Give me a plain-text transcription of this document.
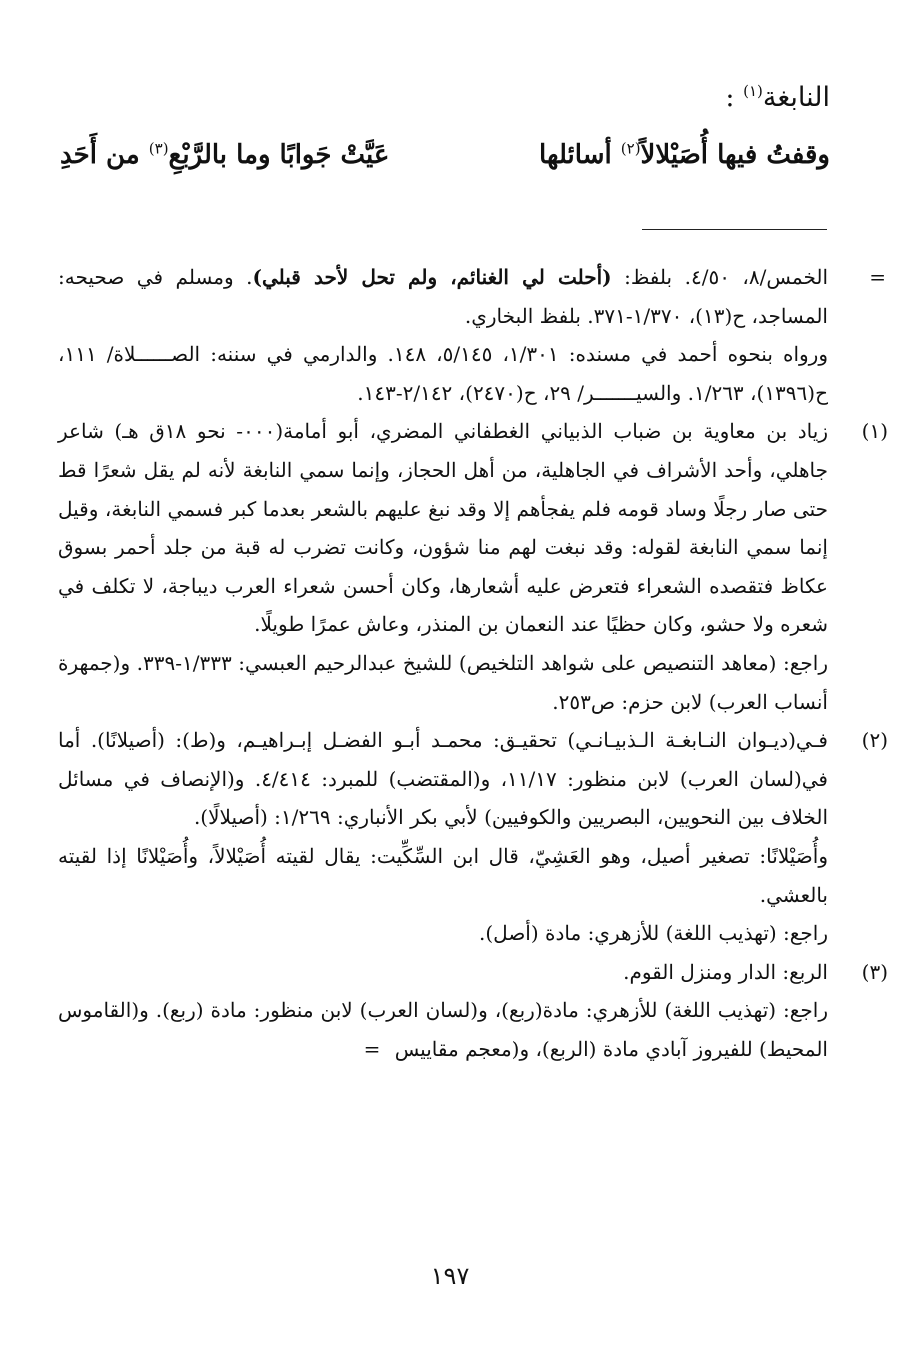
النابغة$^{(١)}$ :
وقفتُ فيها أُصَيْلالاً$^{(٢)}$ أسائلها
عَيَّتْ جَوابًا وما بالرَّبْعِ$^{(٣)}$ من أَحَدِ
=

الخمس/٨، ٤/٥٠. بلفظ: (أحلت لي الغنائم، ولم تحل لأحد قبلي). ومسلم في صحيحه: المساجد، ح(١٣)، ١/٣٧٠-٣٧١. بلفظ البخاري.

ورواه بنحوه أحمد في مسنده: ١/٣٠١، ٥/١٤٥، ١٤٨. والدارمي في سننه: الصــــــلاة/ ١١١، ح(١٣٩٦)، ١/٢٦٣. والسيـــــــر/ ٢٩، ح(٢٤٧٠)، ٢/١٤٢-١٤٣.

(١)

زياد بن معاوية بن ضباب الذبياني الغطفاني المضري، أبو أمامة(٠٠٠- نحو ١٨ق هـ) شاعر جاهلي، وأحد الأشراف في الجاهلية، من أهل الحجاز، وإنما سمي النابغة لأنه لم يقل شعرًا قط حتى صار رجلًا وساد قومه فلم يفجأهم إلا وقد نبغ عليهم بالشعر بعدما كبر فسمي النابغة، وقيل إنما سمي النابغة لقوله: وقد نبغت لهم منا شؤون، وكانت تضرب له قبة من جلد أحمر بسوق عكاظ فتقصده الشعراء فتعرض عليه أشعارها، وكان أحسن شعراء العرب ديباجة، لا تكلف في شعره ولا حشو، وكان حظيًا عند النعمان بن المنذر، وعاش عمرًا طويلًا.

راجع: (معاهد التنصيص على شواهد التلخيص) للشيخ عبدالرحيم العبسي: ١/٣٣٣-٣٣٩. و(جمهرة أنساب العرب) لابن حزم: ص٢٥٣.

(٢)

فـي(ديـوان النـابغـة الـذبيـانـي) تحقيـق: محمـد أبـو الفضـل إبـراهيـم، و(ط): (أصيلانًا). أما في(لسان العرب) لابن منظور: ١١/١٧، و(المقتضب) للمبرد: ٤/٤١٤. و(الإنصاف في مسائل الخلاف بين النحويين، البصريين والكوفيين) لأبي بكر الأنباري: ١/٢٦٩: (أصيلالًا).

وأُصَيْلانًا: تصغير أصيل، وهو العَشِيّ، قال ابن السِّكِّيت: يقال لقيته أُصَيْلالاً، وأُصَيْلانًا إذا لقيته بالعشي.

راجع: (تهذيب اللغة) للأزهري: مادة (أصل).

(٣)

الربع: الدار ومنزل القوم.

راجع: (تهذيب اللغة) للأزهري: مادة(ربع)، و(لسان العرب) لابن منظور: مادة (ربع). و(القاموس المحيط) للفيروز آبادي مادة (الربع)، و(معجم مقاييس =

١٩٧
